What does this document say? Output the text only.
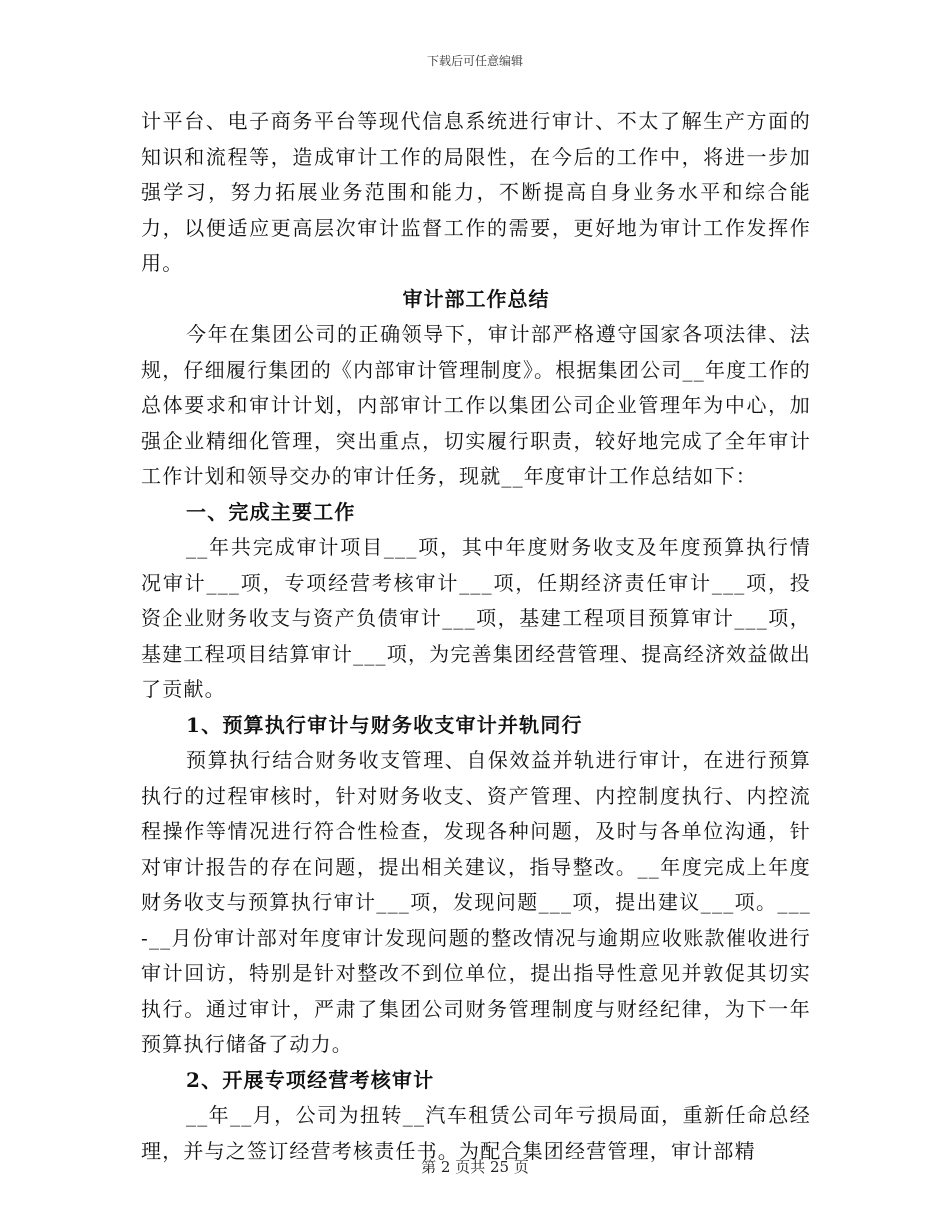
下载后可任意编辑

计平台、电子商务平台等现代信息系统进行审计、不太了解生产方面的知识和流程等，造成审计工作的局限性，在今后的工作中，将进一步加强学习，努力拓展业务范围和能力，不断提高自身业务水平和综合能力，以便适应更高层次审计监督工作的需要，更好地为审计工作发挥作用。

审计部工作总结

今年在集团公司的正确领导下，审计部严格遵守国家各项法律、法规，仔细履行集团的《内部审计管理制度》。根据集团公司__年度工作的总体要求和审计计划，内部审计工作以集团公司企业管理年为中心，加强企业精细化管理，突出重点，切实履行职责，较好地完成了全年审计工作计划和领导交办的审计任务，现就__年度审计工作总结如下：

一、完成主要工作

__年共完成审计项目___项，其中年度财务收支及年度预算执行情况审计___项，专项经营考核审计___项，任期经济责任审计___项，投资企业财务收支与资产负债审计___项，基建工程项目预算审计___项，基建工程项目结算审计___项，为完善集团经营管理、提高经济效益做出了贡献。

1、预算执行审计与财务收支审计并轨同行

预算执行结合财务收支管理、自保效益并轨进行审计，在进行预算执行的过程审核时，针对财务收支、资产管理、内控制度执行、内控流程操作等情况进行符合性检查，发现各种问题，及时与各单位沟通，针对审计报告的存在问题，提出相关建议，指导整改。__年度完成上年度财务收支与预算执行审计___项，发现问题___项，提出建议___项。___-__月份审计部对年度审计发现问题的整改情况与逾期应收账款催收进行审计回访，特别是针对整改不到位单位，提出指导性意见并敦促其切实执行。通过审计，严肃了集团公司财务管理制度与财经纪律，为下一年预算执行储备了动力。

2、开展专项经营考核审计

__年__月，公司为扭转__汽车租赁公司年亏损局面，重新任命总经理，并与之签订经营考核责任书。为配合集团经营管理，审计部精

第 2 页共 25 页
